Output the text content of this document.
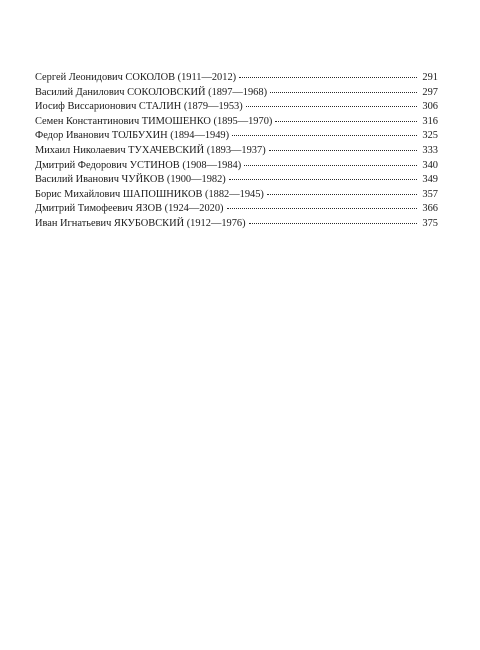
Сергей Леонидович СОКОЛОВ (1911—2012)	291
Василий Данилович СОКОЛОВСКИЙ (1897—1968)	297
Иосиф Виссарионович СТАЛИН (1879—1953)	306
Семен Константинович ТИМОШЕНКО (1895—1970)	316
Федор Иванович ТОЛБУХИН (1894—1949)	325
Михаил Николаевич ТУХАЧЕВСКИЙ (1893—1937)	333
Дмитрий Федорович УСТИНОВ (1908—1984)	340
Василий Иванович ЧУЙКОВ (1900—1982)	349
Борис Михайлович ШАПОШНИКОВ (1882—1945)	357
Дмитрий Тимофеевич ЯЗОВ (1924—2020)	366
Иван Игнатьевич ЯКУБОВСКИЙ (1912—1976)	375
